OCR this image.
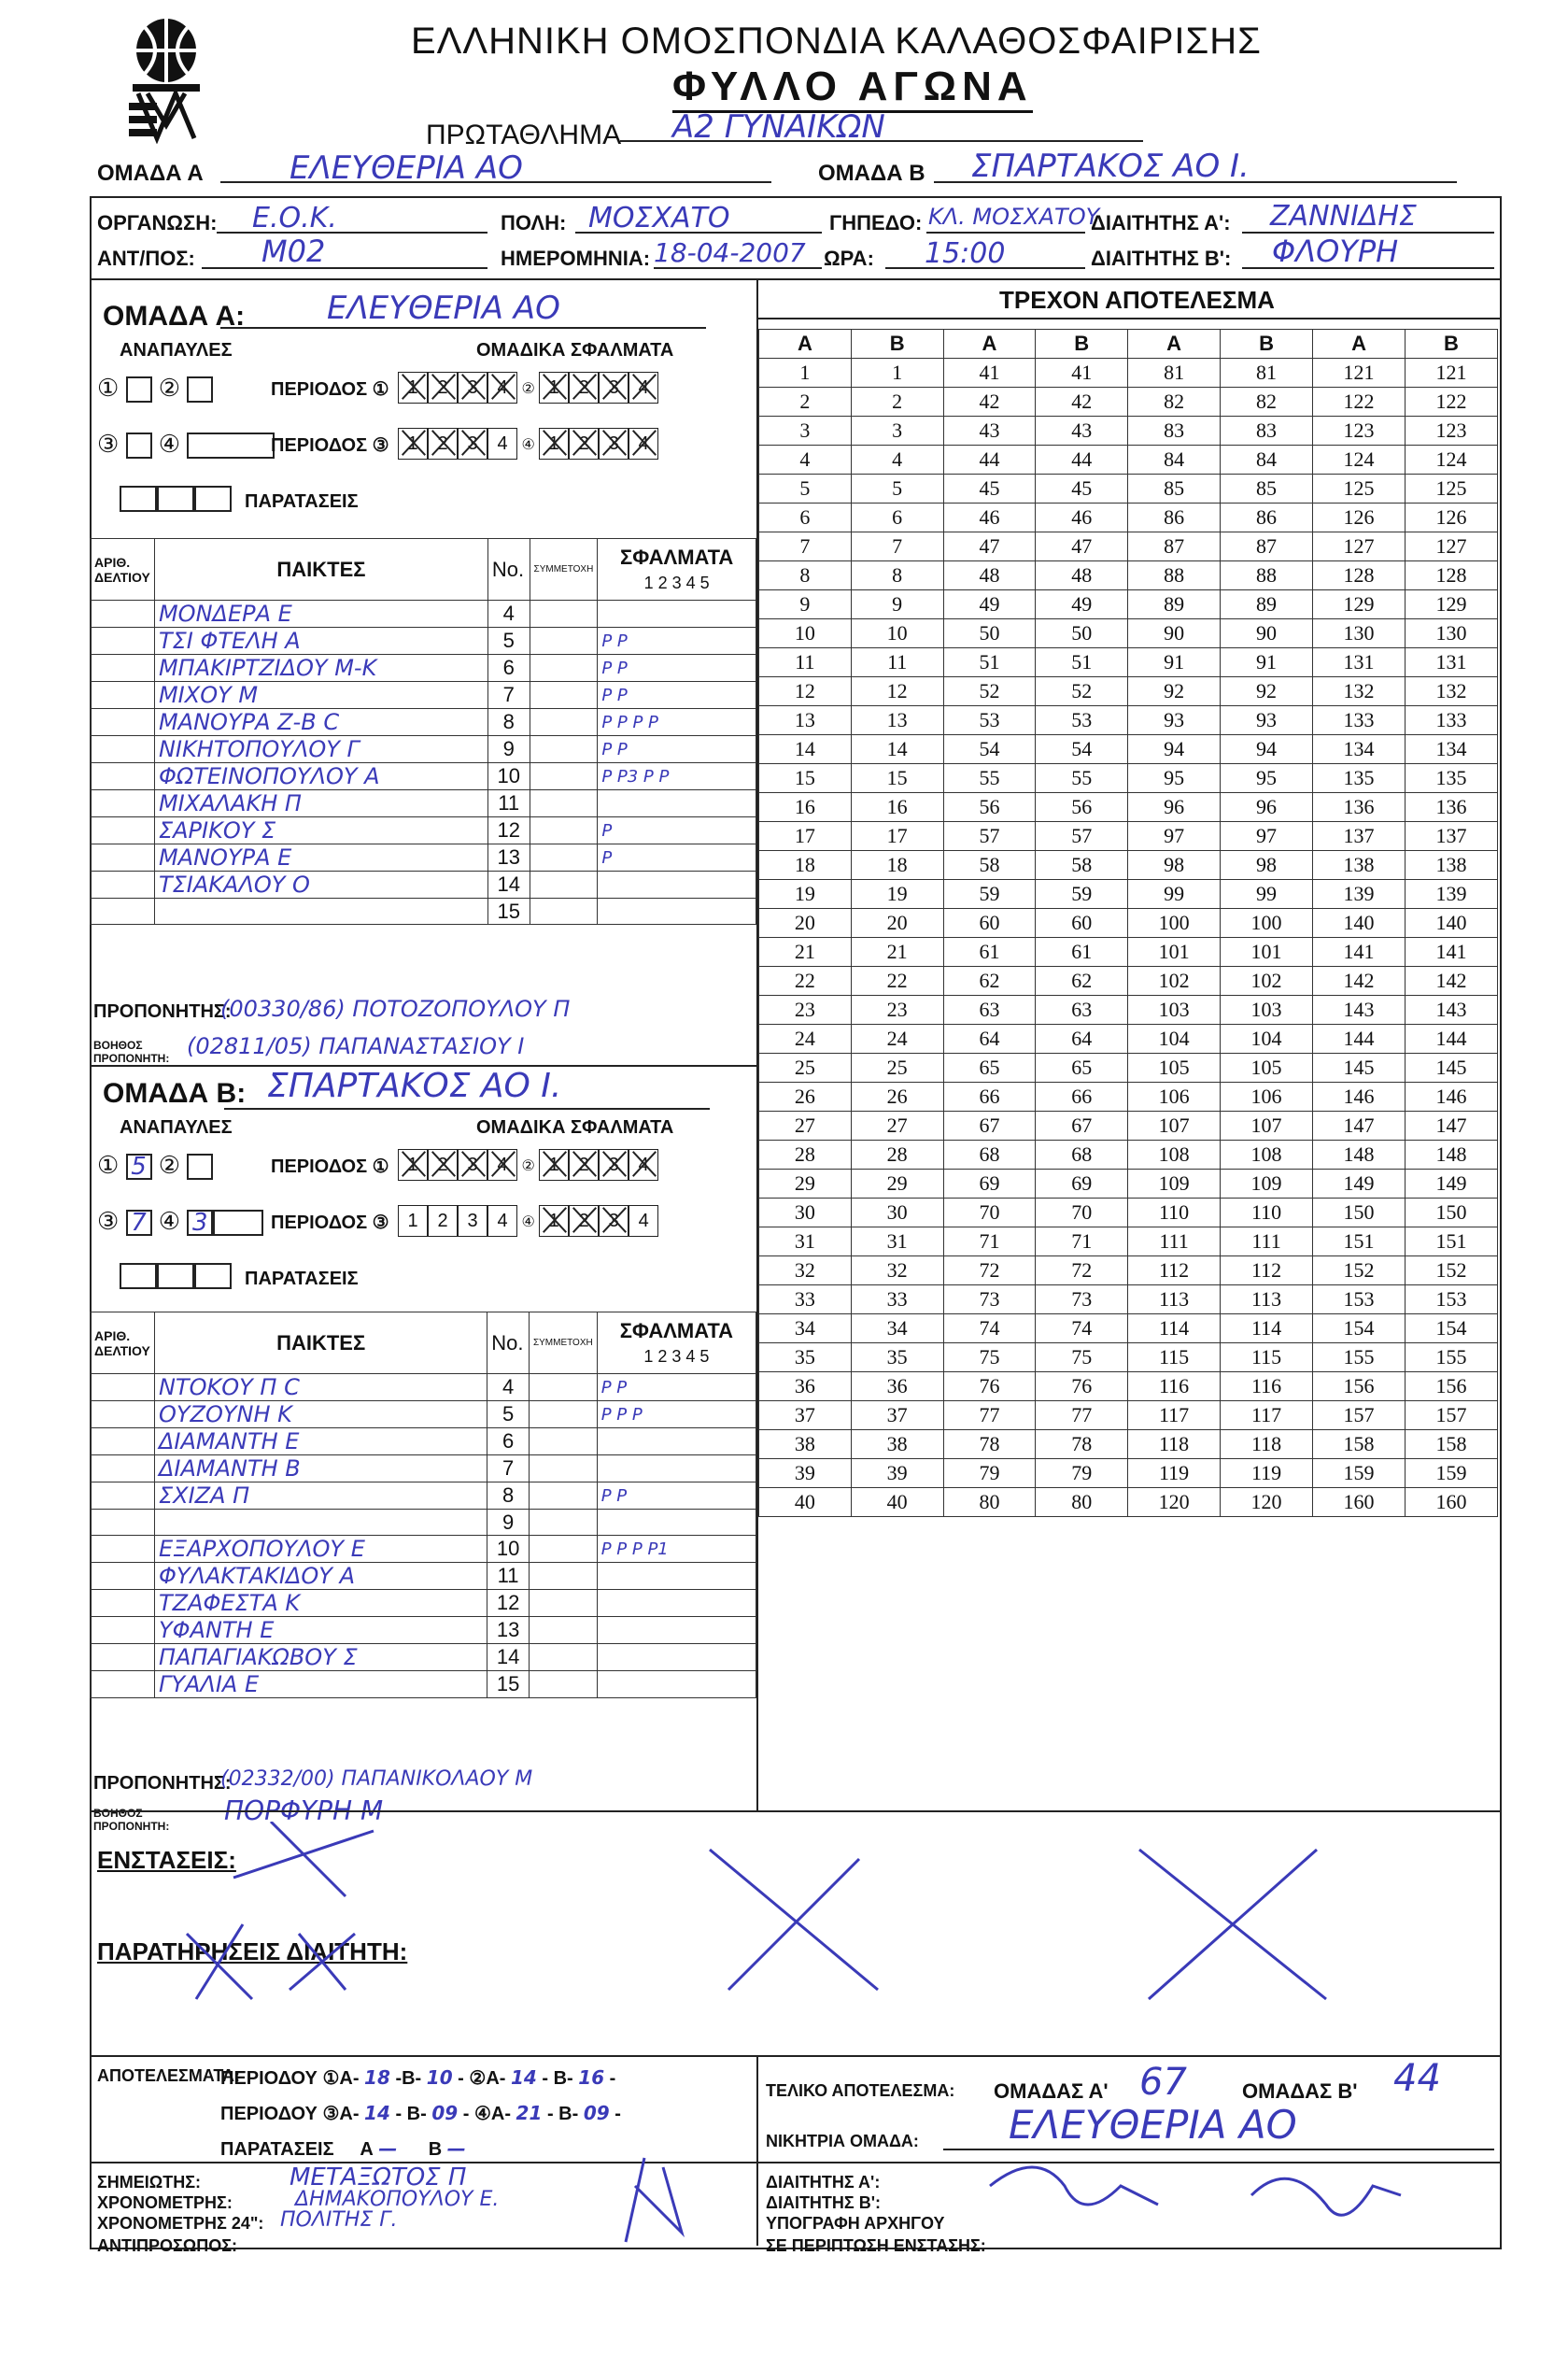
ΕΛΛΗΝΙΚΗ ΟΜΟΣΠΟΝΔΙΑ ΚΑΛΑΘΟΣΦΑΙΡΙΣΗΣ
ΦΥΛΛΟ ΑΓΩΝΑ
ΠΡΩΤΑΘΛΗΜΑ Α2 ΓΥΝΑΙΚΩΝ
ΟΜΑΔΑ Α	ΕΛΕΥΘΕΡΙΑ ΑΟ	ΟΜΑΔΑ Β ΣΠΑΡΤΑΚΟΣ ΑΟ Ι.
ΟΡΓΑΝΩΣΗ: Ε.Ο.Κ.	ΠΟΛΗ: ΜΟΣΧΑΤΟ	ΓΗΠΕΔΟ: ΚΛ. ΜΟΣΧΑΤΟΥ
ΔΙΑΙΤΗΤΗΣ Α': ΖΑΝΝΙΔΗΣ
ΑΝΤ/ΠΟΣ: Μ02	ΗΜΕΡΟΜΗΝΙΑ: 18-04-2007 ΩΡΑ: 15:00	ΔΙΑΙΤΗΤΗΣ Β': ΦΛΟΥΡΗ
ΟΜΑΔΑ Α:	ΕΛΕΥΘΕΡΙΑ ΑΟ
ΑΝΑΠΑΥΛΕΣ	ΟΜΑΔΙΚΑ ΣΦΑΛΜΑΤΑ
①  ②
③  ④
ΠΕΡΙΟΔΟΣ ① 1 2 3 4 ② 1 2 3 4
ΠΕΡΙΟΔΟΣ ③ 1 2 3 4 ④ 1 2 3 4
ΠΑΡΑΤΑΣΕΙΣ
ΑΡΙΘ. ΔΕΛΤΙΟΥ	ΠΑΙΚΤΕΣ	No.	ΣΥΜΜΕΤΟΧΗ	ΣΦΑΛΜΑΤΑ
1 2 3 4 5
	ΜΟΝΔΕΡΑ Ε	4		
	ΤΣΙ ΦΤΕΛΗ Α	5		P P
	ΜΠΑΚΙΡΤΖΙΔΟΥ Μ-Κ	6		P P
	ΜΙΧΟΥ Μ	7		P P
	ΜΑΝΟΥΡΑ Ζ-Β C	8		P P P P
	ΝΙΚΗΤΟΠΟΥΛΟΥ Γ	9		P P
	ΦΩΤΕΙΝΟΠΟΥΛΟΥ Α	10		P P3 P P
	ΜΙΧΑΛΑΚΗ Π	11		
	ΣΑΡΙΚΟΥ Σ	12		P
	ΜΑΝΟΥΡΑ Ε	13		P
	ΤΣΙΑΚΑΛΟΥ Ο	14		
		15		
ΠΡΟΠΟΝΗΤΗΣ:
(00330/86) ΠΟΤΟΖΟΠΟΥΛΟΥ Π
ΒΟΗΘΟΣ ΠΡΟΠΟΝΗΤΗ: (02811/05) ΠΑΠΑΝΑΣΤΑΣΙΟΥ Ι
ΟΜΑΔΑ Β: ΣΠΑΡΤΑΚΟΣ ΑΟ Ι.
ΑΝΑΠΑΥΛΕΣ	ΟΜΑΔΙΚΑ ΣΦΑΛΜΑΤΑ
① 5 ②
③ 7 ④ 3
ΠΕΡΙΟΔΟΣ ① 1 2 3 4 ② 1 2 3 4
ΠΕΡΙΟΔΟΣ ③ 1 2 3 4 ④ 1 2 3 4
ΠΑΡΑΤΑΣΕΙΣ
ΑΡΙΘ. ΔΕΛΤΙΟΥ	ΠΑΙΚΤΕΣ	No.	ΣΥΜΜΕΤΟΧΗ	ΣΦΑΛΜΑΤΑ
1 2 3 4 5
	ΝΤΟΚΟΥ Π C	4		P P
	ΟΥΖΟΥΝΗ Κ	5		P P P
	ΔΙΑΜΑΝΤΗ Ε	6		
	ΔΙΑΜΑΝΤΗ Β	7		
	ΣΧΙΖΑ Π	8		P P
		9		
	ΕΞΑΡΧΟΠΟΥΛΟΥ Ε	10		P P P P1
	ΦΥΛΑΚΤΑΚΙΔΟΥ Α	11		
	ΤΖΑΦΕΣΤΑ Κ	12		
	ΥΦΑΝΤΗ Ε	13		
	ΠΑΠΑΓΙΑΚΩΒΟΥ Σ	14		
	ΓΥΑΛΙΑ Ε	15		
ΠΡΟΠΟΝΗΤΗΣ:
(02332/00) ΠΑΠΑΝΙΚΟΛΑΟΥ Μ
ΒΟΗΘΟΣ ΠΡΟΠΟΝΗΤΗ:	ΠΟΡΦΥΡΗ Μ
ΤΡΕΧΟΝ ΑΠΟΤΕΛΕΣΜΑ
Α	Β	Α	Β	Α	Β	Α	Β
1	1	41	41	81	81	121	121
2	2	42	42	82	82	122	122
3	3	43	43	83	83	123	123
4	4	44	44	84	84	124	124
5	5	45	45	85	85	125	125
6	6	46	46	86	86	126	126
7	7	47	47	87	87	127	127
8	8	48	48	88	88	128	128
9	9	49	49	89	89	129	129
10	10	50	50	90	90	130	130
11	11	51	51	91	91	131	131
12	12	52	52	92	92	132	132
13	13	53	53	93	93	133	133
14	14	54	54	94	94	134	134
15	15	55	55	95	95	135	135
16	16	56	56	96	96	136	136
17	17	57	57	97	97	137	137
18	18	58	58	98	98	138	138
19	19	59	59	99	99	139	139
20	20	60	60	100	100	140	140
21	21	61	61	101	101	141	141
22	22	62	62	102	102	142	142
23	23	63	63	103	103	143	143
24	24	64	64	104	104	144	144
25	25	65	65	105	105	145	145
26	26	66	66	106	106	146	146
27	27	67	67	107	107	147	147
28	28	68	68	108	108	148	148
29	29	69	69	109	109	149	149
30	30	70	70	110	110	150	150
31	31	71	71	111	111	151	151
32	32	72	72	112	112	152	152
33	33	73	73	113	113	153	153
34	34	74	74	114	114	154	154
35	35	75	75	115	115	155	155
36	36	76	76	116	116	156	156
37	37	77	77	117	117	157	157
38	38	78	78	118	118	158	158
39	39	79	79	119	119	159	159
40	40	80	80	120	120	160	160
ΕΝΣΤΑΣΕΙΣ:
ΠΑΡΑΤΗΡΗΣΕΙΣ ΔΙΑΙΤΗΤΗ:
ΑΠΟΤΕΛΕΣΜΑΤΑ:
ΠΕΡΙΟΔΟΥ ①Α- 18 -Β- 10 - ②Α- 14 - Β- 16 -
ΠΕΡΙΟΔΟΥ ③Α- 14 - Β- 09 - ④Α- 21 - Β- 09 -
ΠΑΡΑΤΑΣΕΙΣ     Α —      Β —
ΤΕΛΙΚΟ ΑΠΟΤΕΛΕΣΜΑ: ΟΜΑΔΑΣ Α' 67	ΟΜΑΔΑΣ Β' 44
ΝΙΚΗΤΡΙΑ ΟΜΑΔΑ: ΕΛΕΥΘΕΡΙΑ ΑΟ
ΣΗΜΕΙΩΤΗΣ:	ΜΕΤΑΞΩΤΟΣ Π
ΧΡΟΝΟΜΕΤΡΗΣ:	ΔΗΜΑΚΟΠΟΥΛΟΥ Ε.
ΧΡΟΝΟΜΕΤΡΗΣ 24": ΠΟΛΙΤΗΣ Γ.
ΑΝΤΙΠΡΟΣΩΠΟΣ:
ΔΙΑΙΤΗΤΗΣ Α':
ΔΙΑΙΤΗΤΗΣ Β':
ΥΠΟΓΡΑΦΗ ΑΡΧΗΓΟΥ
ΣΕ ΠΕΡΙΠΤΩΣΗ ΕΝΣΤΑΣΗΣ:
